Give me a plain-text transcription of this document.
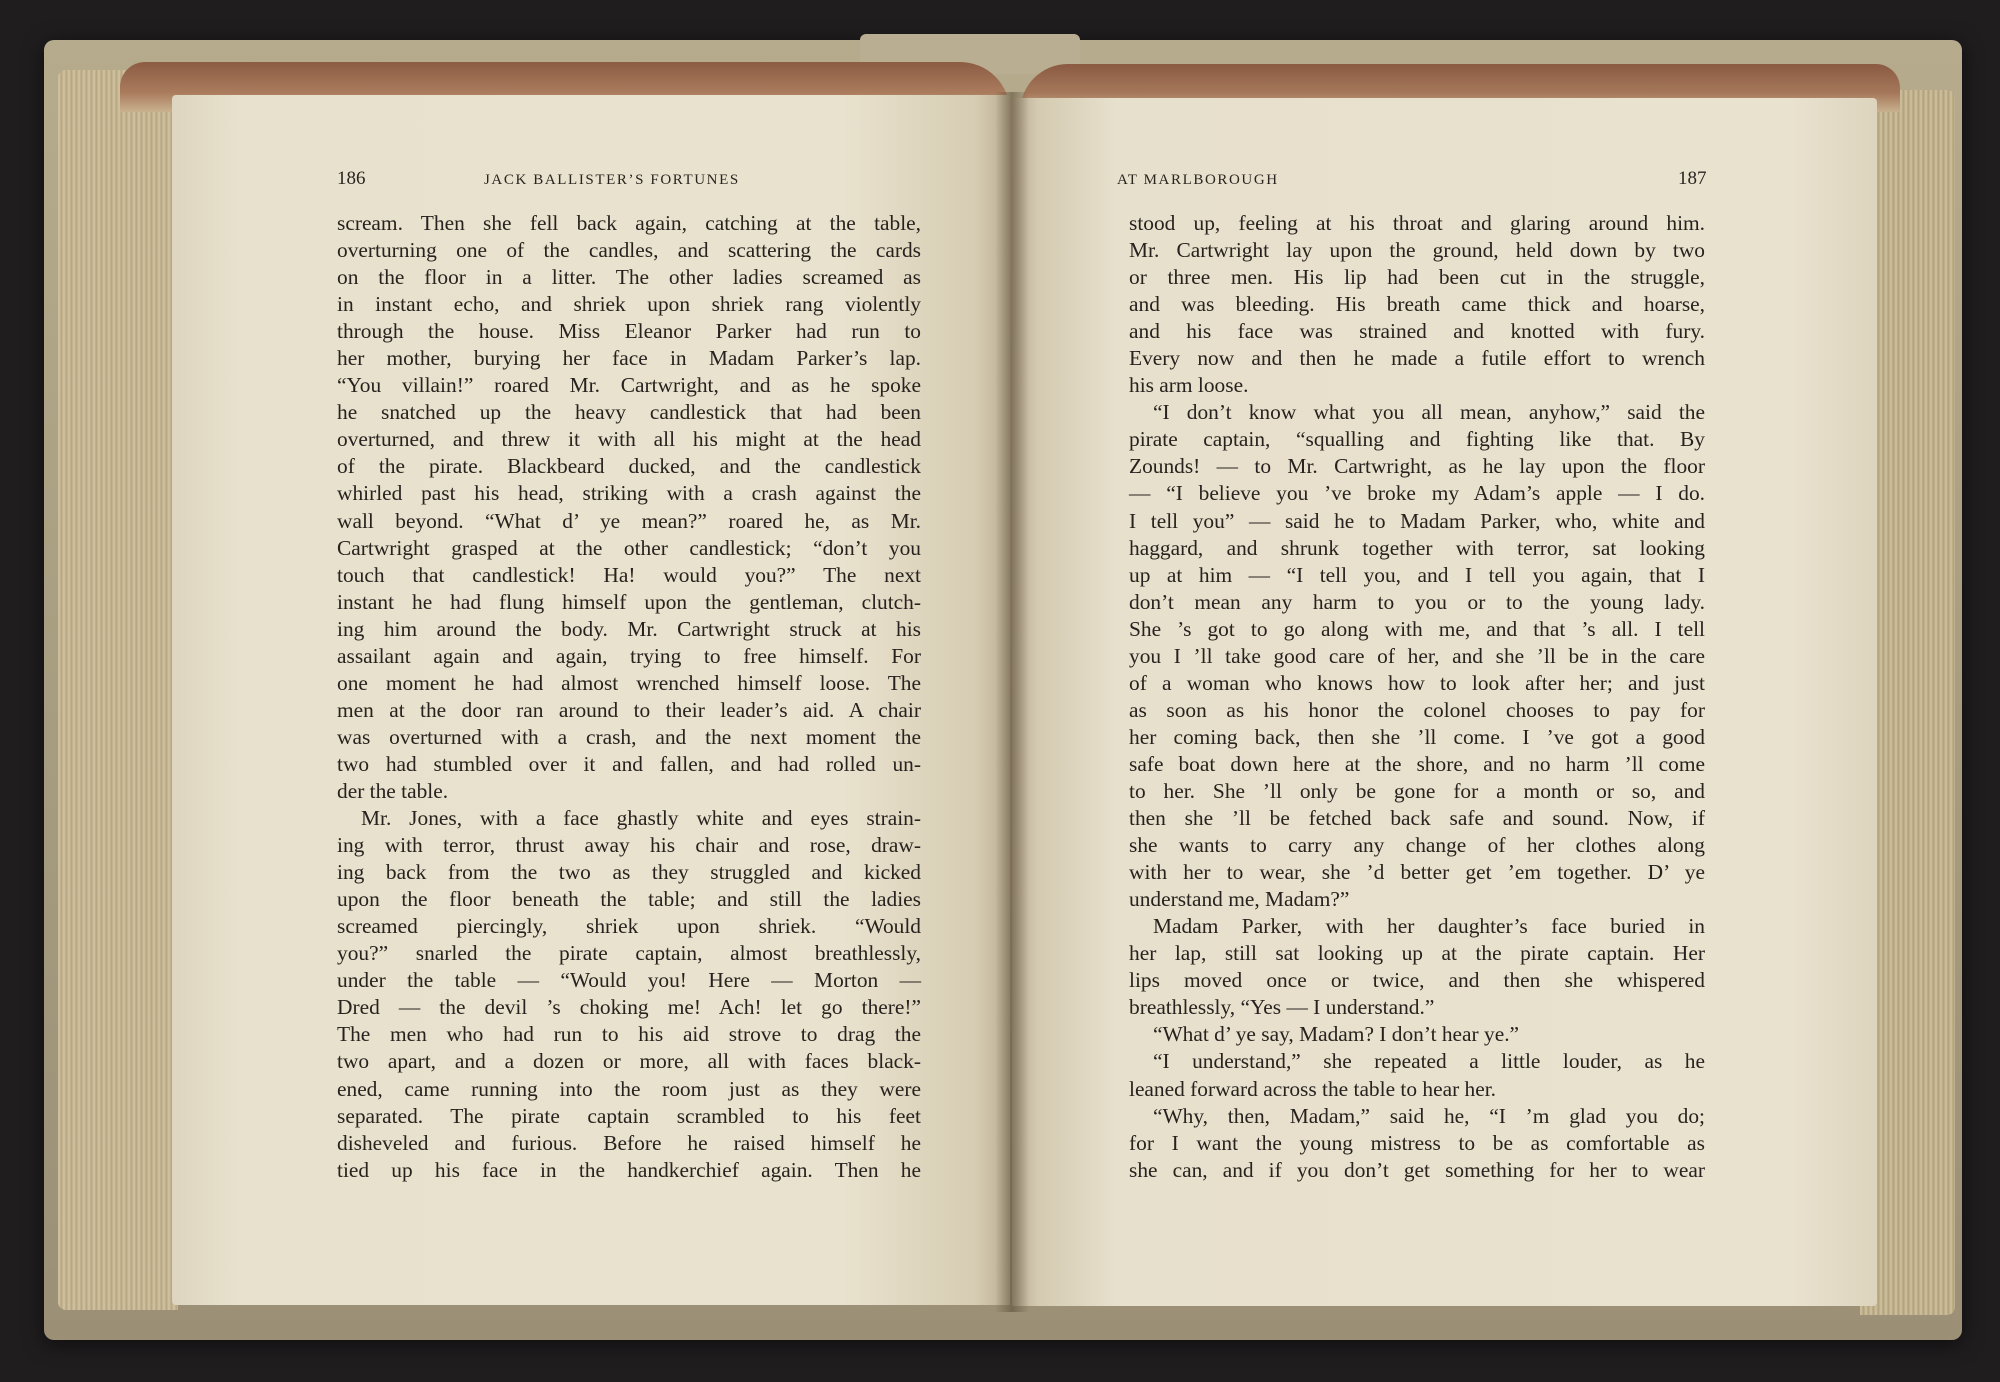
186	JACK BALLISTER’S FORTUNES	AT MARLBOROUGH	187
scream. Then she fell back again, catching at the table,
overturning one of the candles, and scattering the cards
on the floor in a litter. The other ladies screamed as
in instant echo, and shriek upon shriek rang violently
through the house. Miss Eleanor Parker had run to
her mother, burying her face in Madam Parker’s lap.
“You villain!” roared Mr. Cartwright, and as he spoke
he snatched up the heavy candlestick that had been
overturned, and threw it with all his might at the head
of the pirate. Blackbeard ducked, and the candlestick
whirled past his head, striking with a crash against the
wall beyond. “What d’ ye mean?” roared he, as Mr.
Cartwright grasped at the other candlestick; “don’t you
touch that candlestick! Ha! would you?” The next
instant he had flung himself upon the gentleman, clutch-
ing him around the body. Mr. Cartwright struck at his
assailant again and again, trying to free himself. For
one moment he had almost wrenched himself loose. The
men at the door ran around to their leader’s aid. A chair
was overturned with a crash, and the next moment the
two had stumbled over it and fallen, and had rolled un-
der the table.
Mr. Jones, with a face ghastly white and eyes strain-
ing with terror, thrust away his chair and rose, draw-
ing back from the two as they struggled and kicked
upon the floor beneath the table; and still the ladies
screamed piercingly, shriek upon shriek. “Would
you?” snarled the pirate captain, almost breathlessly,
under the table — “Would you! Here — Morton —
Dred — the devil ’s choking me! Ach! let go there!”
The men who had run to his aid strove to drag the
two apart, and a dozen or more, all with faces black-
ened, came running into the room just as they were
separated. The pirate captain scrambled to his feet
disheveled and furious. Before he raised himself he
tied up his face in the handkerchief again. Then he
stood up, feeling at his throat and glaring around him.
Mr. Cartwright lay upon the ground, held down by two
or three men. His lip had been cut in the struggle,
and was bleeding. His breath came thick and hoarse,
and his face was strained and knotted with fury.
Every now and then he made a futile effort to wrench
his arm loose.
“I don’t know what you all mean, anyhow,” said the
pirate captain, “squalling and fighting like that. By
Zounds! — to Mr. Cartwright, as he lay upon the floor
— “I believe you ’ve broke my Adam’s apple — I do.
I tell you” — said he to Madam Parker, who, white and
haggard, and shrunk together with terror, sat looking
up at him — “I tell you, and I tell you again, that I
don’t mean any harm to you or to the young lady.
She ’s got to go along with me, and that ’s all. I tell
you I ’ll take good care of her, and she ’ll be in the care
of a woman who knows how to look after her; and just
as soon as his honor the colonel chooses to pay for
her coming back, then she ’ll come. I ’ve got a good
safe boat down here at the shore, and no harm ’ll come
to her. She ’ll only be gone for a month or so, and
then she ’ll be fetched back safe and sound. Now, if
she wants to carry any change of her clothes along
with her to wear, she ’d better get ’em together. D’ ye
understand me, Madam?”
Madam Parker, with her daughter’s face buried in
her lap, still sat looking up at the pirate captain. Her
lips moved once or twice, and then she whispered
breathlessly, “Yes — I understand.”
“What d’ ye say, Madam? I don’t hear ye.”
“I understand,” she repeated a little louder, as he
leaned forward across the table to hear her.
“Why, then, Madam,” said he, “I ’m glad you do;
for I want the young mistress to be as comfortable as
she can, and if you don’t get something for her to wear
